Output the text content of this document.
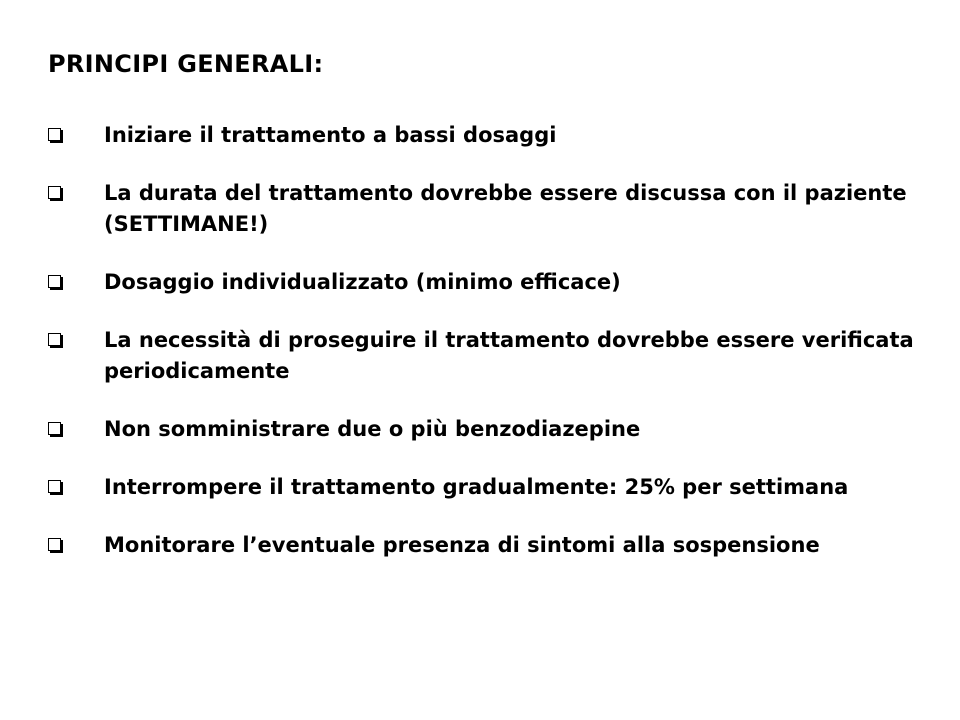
PRINCIPI GENERALI:
Iniziare il trattamento a bassi dosaggi
La durata del trattamento dovrebbe essere discussa con il paziente (SETTIMANE!)
Dosaggio individualizzato (minimo efficace)
La necessità di proseguire il trattamento dovrebbe essere verificata periodicamente
Non somministrare due o più benzodiazepine
Interrompere il trattamento gradualmente: 25% per settimana
Monitorare l’eventuale presenza di sintomi alla sospensione
